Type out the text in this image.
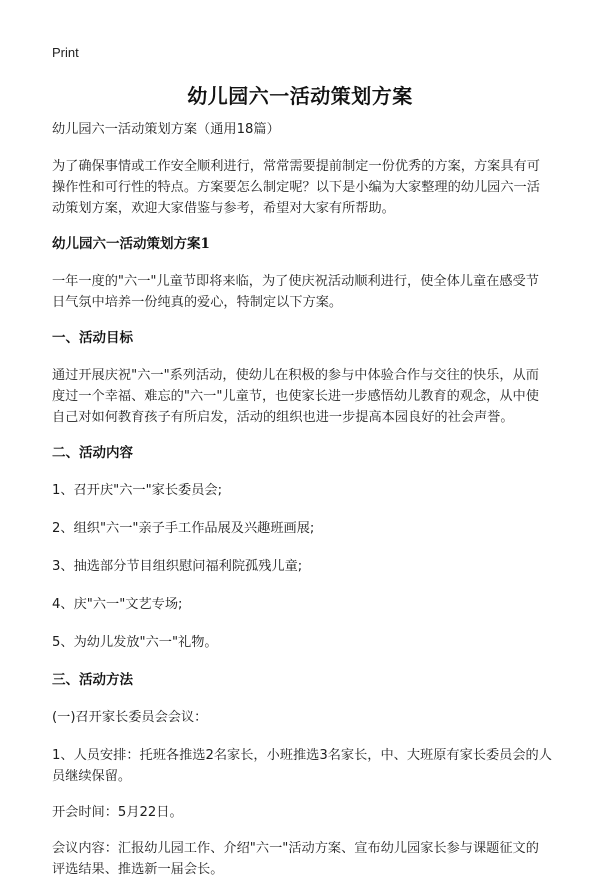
Print
幼儿园六一活动策划方案
幼儿园六一活动策划方案（通用18篇）
为了确保事情或工作安全顺利进行，常常需要提前制定一份优秀的方案，方案具有可操作性和可行性的特点。方案要怎么制定呢？以下是小编为大家整理的幼儿园六一活动策划方案，欢迎大家借鉴与参考，希望对大家有所帮助。
幼儿园六一活动策划方案1
一年一度的"六一"儿童节即将来临，为了使庆祝活动顺利进行，使全体儿童在感受节日气氛中培养一份纯真的爱心，特制定以下方案。
一、活动目标
通过开展庆祝"六一"系列活动，使幼儿在积极的参与中体验合作与交往的快乐，从而度过一个幸福、难忘的"六一"儿童节，也使家长进一步感悟幼儿教育的观念，从中使自己对如何教育孩子有所启发，活动的组织也进一步提高本园良好的社会声誉。
二、活动内容
1、召开庆"六一"家长委员会;
2、组织"六一"亲子手工作品展及兴趣班画展;
3、抽选部分节目组织慰问福利院孤残儿童;
4、庆"六一"文艺专场;
5、为幼儿发放"六一"礼物。
三、活动方法
(一)召开家长委员会会议：
1、人员安排：托班各推选2名家长，小班推选3名家长，中、大班原有家长委员会的人员继续保留。
开会时间：5月22日。
会议内容：汇报幼儿园工作、介绍"六一"活动方案、宣布幼儿园家长参与课题征文的评选结果、推选新一届会长。
